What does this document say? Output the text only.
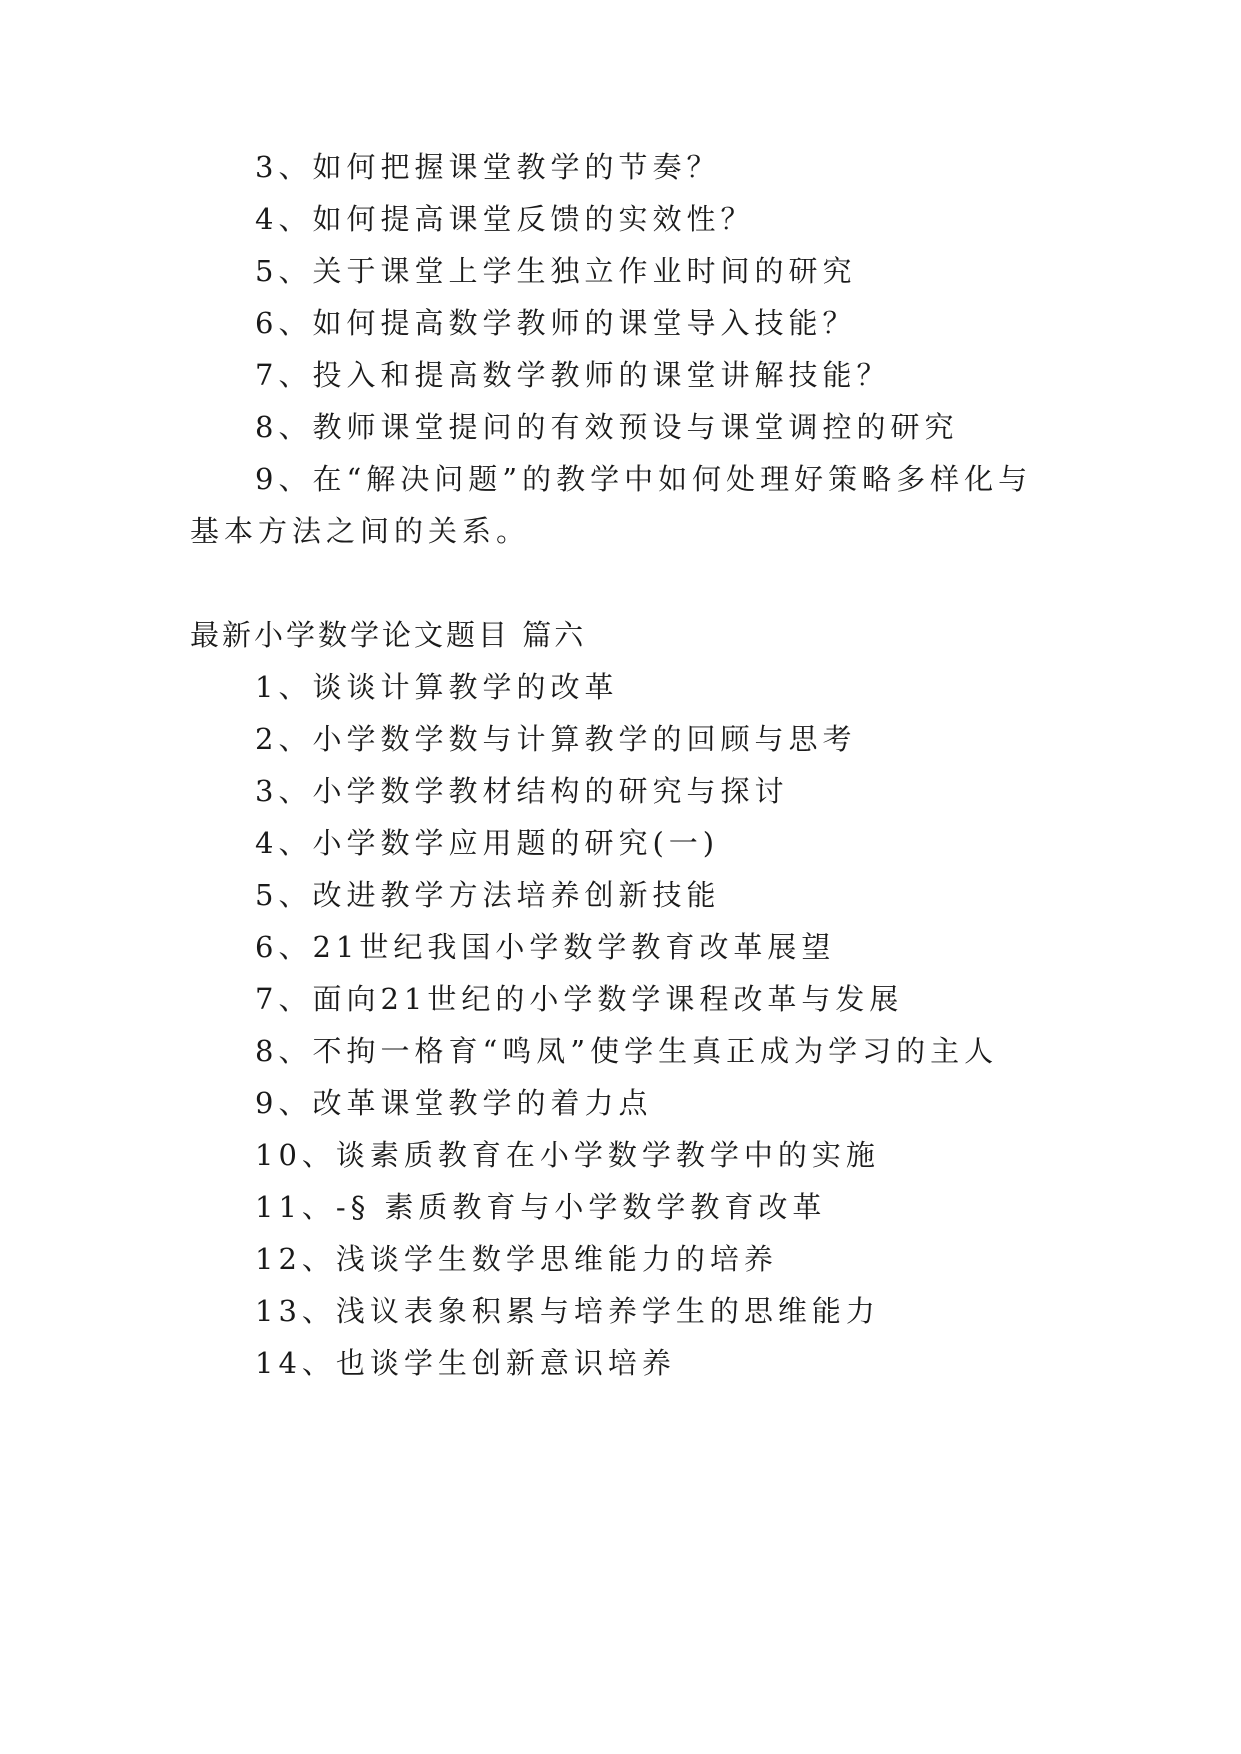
3、如何把握课堂教学的节奏？
4、如何提高课堂反馈的实效性？
5、关于课堂上学生独立作业时间的研究
6、如何提高数学教师的课堂导入技能？
7、投入和提高数学教师的课堂讲解技能？
8、教师课堂提问的有效预设与课堂调控的研究
9、在“解决问题”的教学中如何处理好策略多样化与
基本方法之间的关系。
最新小学数学论文题目 篇六
1、谈谈计算教学的改革
2、小学数学数与计算教学的回顾与思考
3、小学数学教材结构的研究与探讨
4、小学数学应用题的研究(一)
5、改进教学方法培养创新技能
6、21世纪我国小学数学教育改革展望
7、面向21世纪的小学数学课程改革与发展
8、不拘一格育“鸣凤”使学生真正成为学习的主人
9、改革课堂教学的着力点
10、谈素质教育在小学数学教学中的实施
11、-§ 素质教育与小学数学教育改革
12、浅谈学生数学思维能力的培养
13、浅议表象积累与培养学生的思维能力
14、也谈学生创新意识培养
